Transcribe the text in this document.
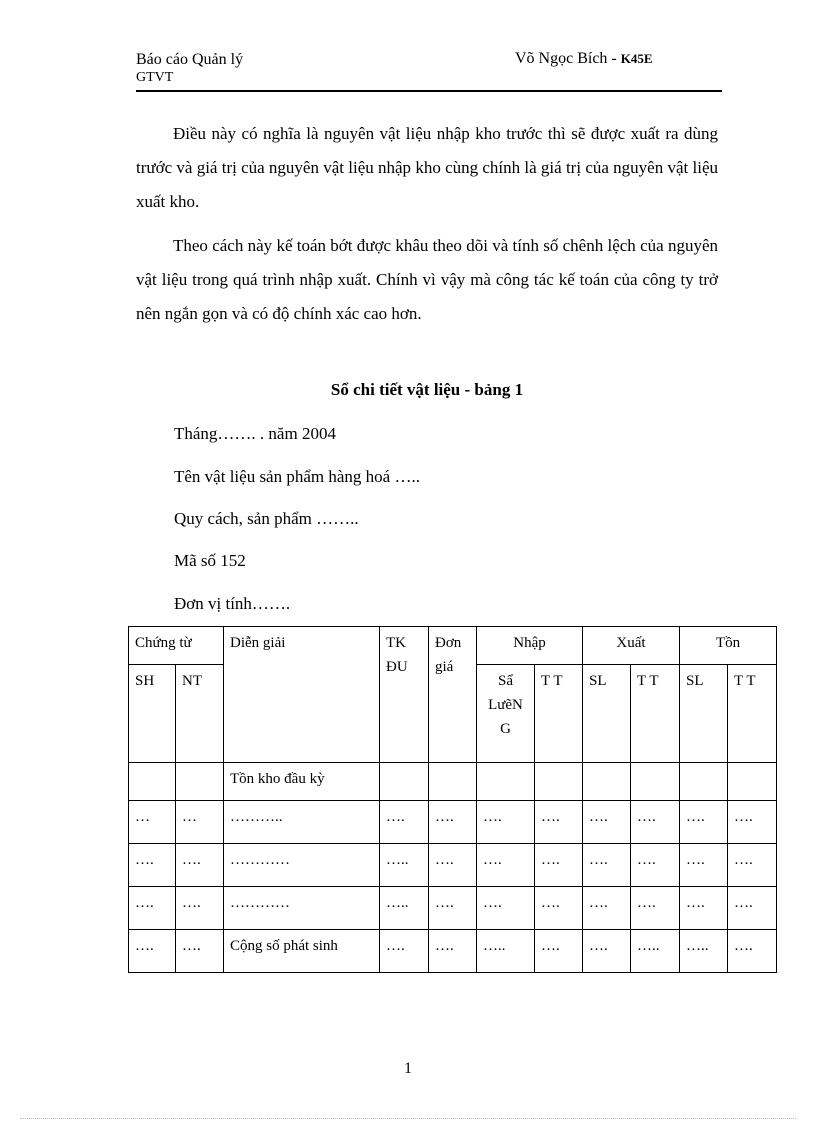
Báo cáo Quản lý
GTVT
Võ Ngọc Bích - K45E

Điều này có nghĩa là nguyên vật liệu nhập kho trước thì sẽ được xuất ra dùng trước và giá trị của nguyên vật liệu nhập kho cùng chính là giá trị của nguyên vật liệu xuất kho.

Theo cách này kế toán bớt được khâu theo dõi và tính số chênh lệch của nguyên vật liệu trong quá trình nhập xuất. Chính vì vậy mà công tác kế toán của công ty trở nên ngắn gọn và có độ chính xác cao hơn.

Sổ chi tiết vật liệu - bảng 1
Tháng……. . năm 2004
Tên vật liệu sản phẩm hàng hoá …..
Quy cách, sản phẩm ……..
Mã số 152
Đơn vị tính…….
Chứng từ		Diễn giải	TK ĐU	Đơn giá	Nhập		Xuất		Tồn	
SH	NT				Sẩ LưẽN G	T T	SL	T T	SL	T T
		Tồn kho đầu kỳ								
…	…	………..	….	….	….	….	….	….	….	….
….	….	…………	…..	….	….	….	….	….	….	….
….	….	…………	…..	….	….	….	….	….	….	….
….	….	Cộng số phát sinh	….	….	…..	….	….	…..	…..	….
1
